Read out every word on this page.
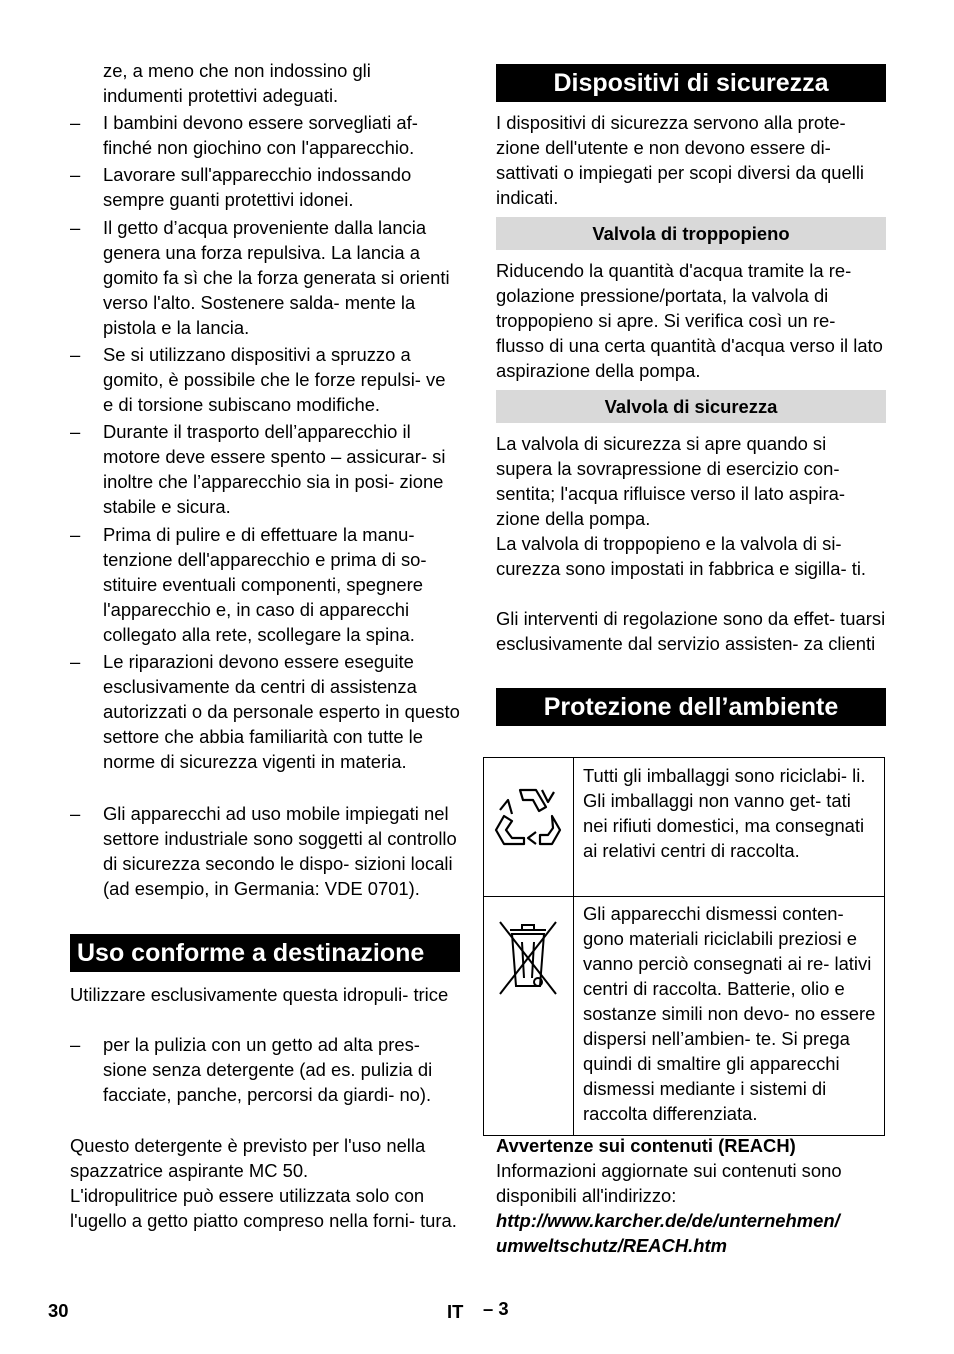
ze, a meno che non indossino gli indumenti protettivi adeguati.
– I bambini devono essere sorvegliati af- finché non giochino con l'apparecchio.
– Lavorare sull'apparecchio indossando sempre guanti protettivi idonei.
– Il getto d’acqua proveniente dalla lancia genera una forza repulsiva. La lancia a gomito fa sì che la forza generata si orienti verso l'alto. Sostenere salda- mente la pistola e la lancia.
– Se si utilizzano dispositivi a spruzzo a gomito, è possibile che le forze repulsi- ve e di torsione subiscano modifiche.
– Durante il trasporto dell’apparecchio il motore deve essere spento – assicurar- si inoltre che l’apparecchio sia in posi- zione stabile e sicura.
– Prima di pulire e di effettuare la manu- tenzione dell'apparecchio e prima di so- stituire eventuali componenti, spegnere l'apparecchio e, in caso di apparecchi collegato alla rete, scollegare la spina.
– Le riparazioni devono essere eseguite esclusivamente da centri di assistenza autorizzati o da personale esperto in questo settore che abbia familiarità con tutte le norme di sicurezza vigenti in materia.
– Gli apparecchi ad uso mobile impiegati nel settore industriale sono soggetti al controllo di sicurezza secondo le dispo- sizioni locali (ad esempio, in Germania: VDE 0701).
Uso conforme a destinazione
Utilizzare esclusivamente questa idropuli- trice
– per la pulizia con un getto ad alta pres- sione senza detergente (ad es. pulizia di facciate, panche, percorsi da giardi- no).
Questo detergente è previsto per l'uso nella spazzatrice aspirante MC 50.
L'idropulitrice può essere utilizzata solo con l'ugello a getto piatto compreso nella forni- tura.
Dispositivi di sicurezza
I dispositivi di sicurezza servono alla prote- zione dell'utente e non devono essere di- sattivati o impiegati per scopi diversi da quelli indicati.
Valvola di troppopieno
Riducendo la quantità d'acqua tramite la re- golazione pressione/portata, la valvola di troppopieno si apre. Si verifica così un re- flusso di una certa quantità d'acqua verso il lato aspirazione della pompa.
Valvola di sicurezza
La valvola di sicurezza si apre quando si supera la sovrapressione di esercizio con- sentita; l'acqua rifluisce verso il lato aspira- zione della pompa.
La valvola di troppopieno e la valvola di si- curezza sono impostati in fabbrica e sigilla- ti.
Gli interventi di regolazione sono da effet- tuarsi esclusivamente dal servizio assisten- za clienti
Protezione dell’ambiente
Tutti gli imballaggi sono riciclabi- li. Gli imballaggi non vanno get- tati nei rifiuti domestici, ma consegnati ai relativi centri di raccolta.
Gli apparecchi dismessi conten- gono materiali riciclabili preziosi e vanno perciò consegnati ai re- lativi centri di raccolta. Batterie, olio e sostanze simili non devo- no essere dispersi nell’ambien- te. Si prega quindi di smaltire gli apparecchi dismessi mediante i sistemi di raccolta differenziata.
Avvertenze sui contenuti (REACH)
Informazioni aggiornate sui contenuti sono disponibili all'indirizzo:
http://www.karcher.de/de/unternehmen/
umweltschutz/REACH.htm
30	IT – 3
